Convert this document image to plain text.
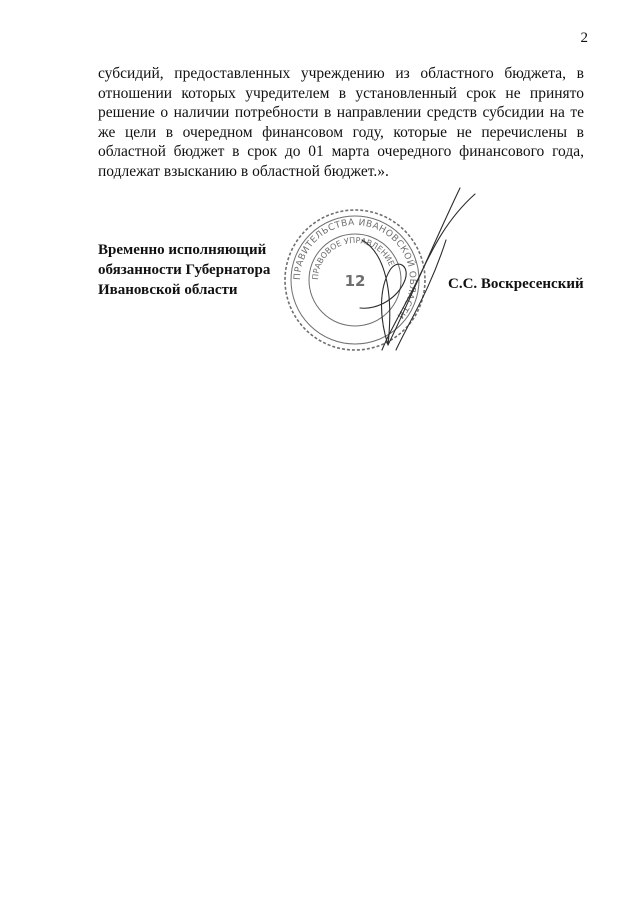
2

субсидий, предоставленных учреждению из областного бюджета, в отношении которых учредителем в установленный срок не принято решение о наличии потребности в направлении средств субсидии на те же цели в очередном финансовом году, которые не перечислены в областной бюджет в срок до 01 марта очередного финансового года, подлежат взысканию в областной бюджет.».

Временно исполняющий
обязанности Губернатора
Ивановской области	С.С. Воскресенский
ПРАВИТЕЛЬСТВА ИВАНОВСКОЙ ОБЛАСТИ
ПРАВОВОЕ УПРАВЛЕНИЕ
12
